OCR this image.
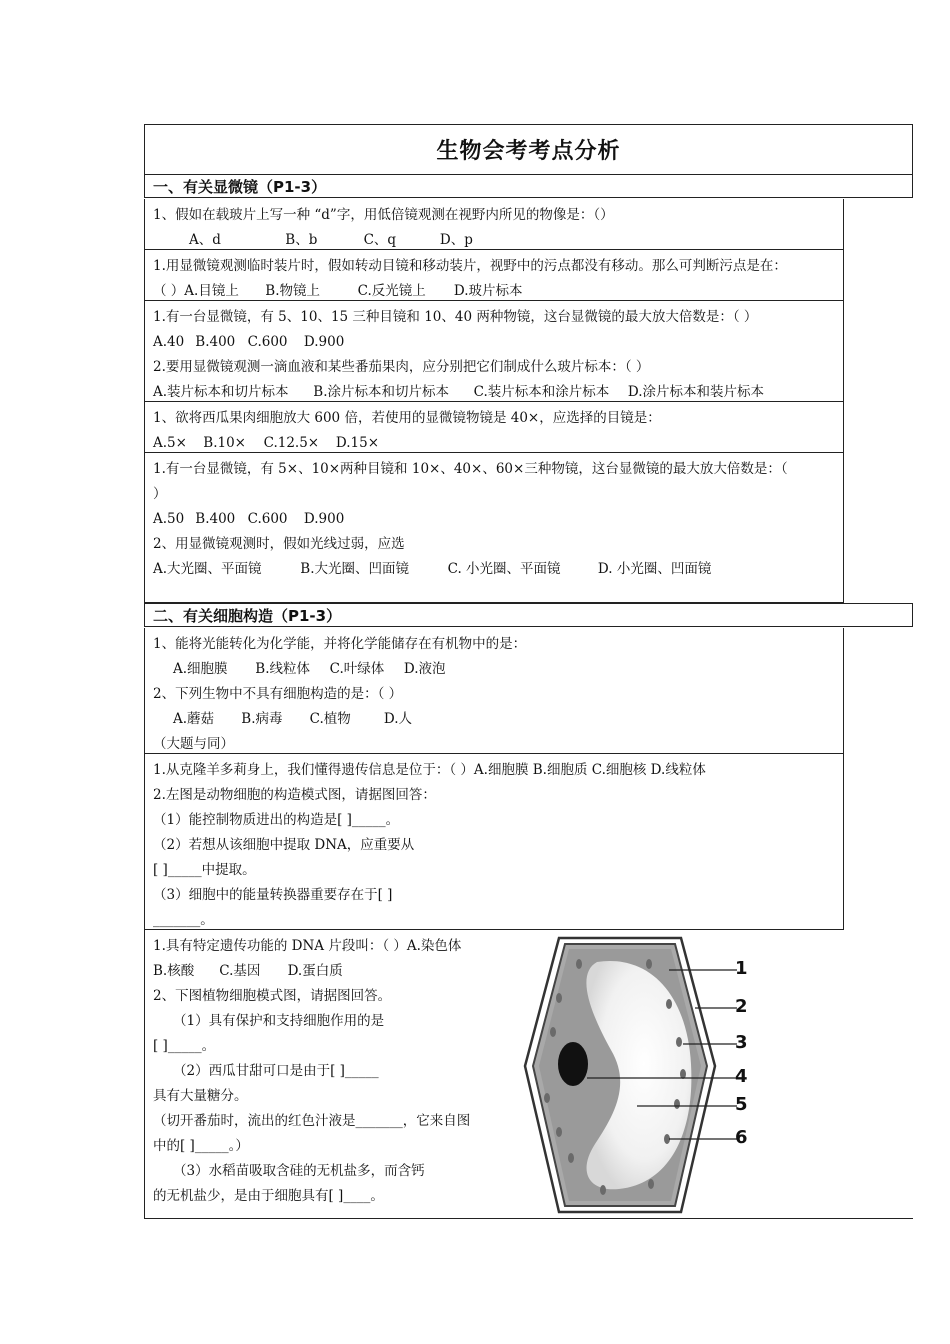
生物会考考点分析
一、有关显微镜（P1-3）
1、假如在载玻片上写一种 “d”字，用低倍镜观测在视野内所见的物像是：（）
A、d	B、b	C、q	D、p
1.用显微镜观测临时装片时，假如转动目镜和移动装片，视野中的污点都没有移动。那么可判断污点是在：
（ ）A.目镜上 B.物镜上	C.反光镜上 D.玻片标本
1.有一台显微镜，有 5、10、15 三种目镜和 10、40 两种物镜，这台显微镜的最大放大倍数是：（ ）
A.40 B.400 C.600 D.900
2.要用显微镜观测一滴血液和某些番茄果肉，应分别把它们制成什么玻片标本：（ ）
A.装片标本和切片标本 B.涂片标本和切片标本 C.装片标本和涂片标本 D.涂片标本和装片标本
1、欲将西瓜果肉细胞放大 600 倍，若使用的显微镜物镜是 40×，应选择的目镜是：
A.5× B.10× C.12.5× D.15×
1.有一台显微镜，有 5×、10×两种目镜和 10×、40×、60×三种物镜，这台显微镜的最大放大倍数是：（
）
A.50 B.400 C.600 D.900
2、用显微镜观测时，假如光线过弱，应选
A.大光圈、平面镜	B.大光圈、凹面镜	C. 小光圈、平面镜	D. 小光圈、凹面镜
二、有关细胞构造（P1-3）
1、能将光能转化为化学能，并将化学能储存在有机物中的是：
A.细胞膜 B.线粒体 C.叶绿体 D.液泡
2、下列生物中不具有细胞构造的是：（ ）
A.蘑菇 B.病毒 C.植物 D.人
（大题与同）
1.从克隆羊多莉身上，我们懂得遗传信息是位于：（ ）A.细胞膜 B.细胞质 C.细胞核 D.线粒体
2.左图是动物细胞的构造模式图，请据图回答：
（1）能控制物质进出的构造是[ ]_____。
（2）若想从该细胞中提取 DNA，应重要从
[ ]_____中提取。
（3）细胞中的能量转换器重要存在于[ ]
_______。
1.具有特定遗传功能的 DNA 片段叫：（ ）A.染色体
B.核酸 C.基因 D.蛋白质
2、下图植物细胞模式图，请据图回答。
（1）具有保护和支持细胞作用的是
[ ]_____。
（2）西瓜甘甜可口是由于[ ]_____
具有大量糖分。
（切开番茄时，流出的红色汁液是_______，它来自图
中的[ ]_____。）
（3）水稻苗吸取含硅的无机盐多，而含钙
的无机盐少，是由于细胞具有[ ]____。
1
2
3
4
5
6
